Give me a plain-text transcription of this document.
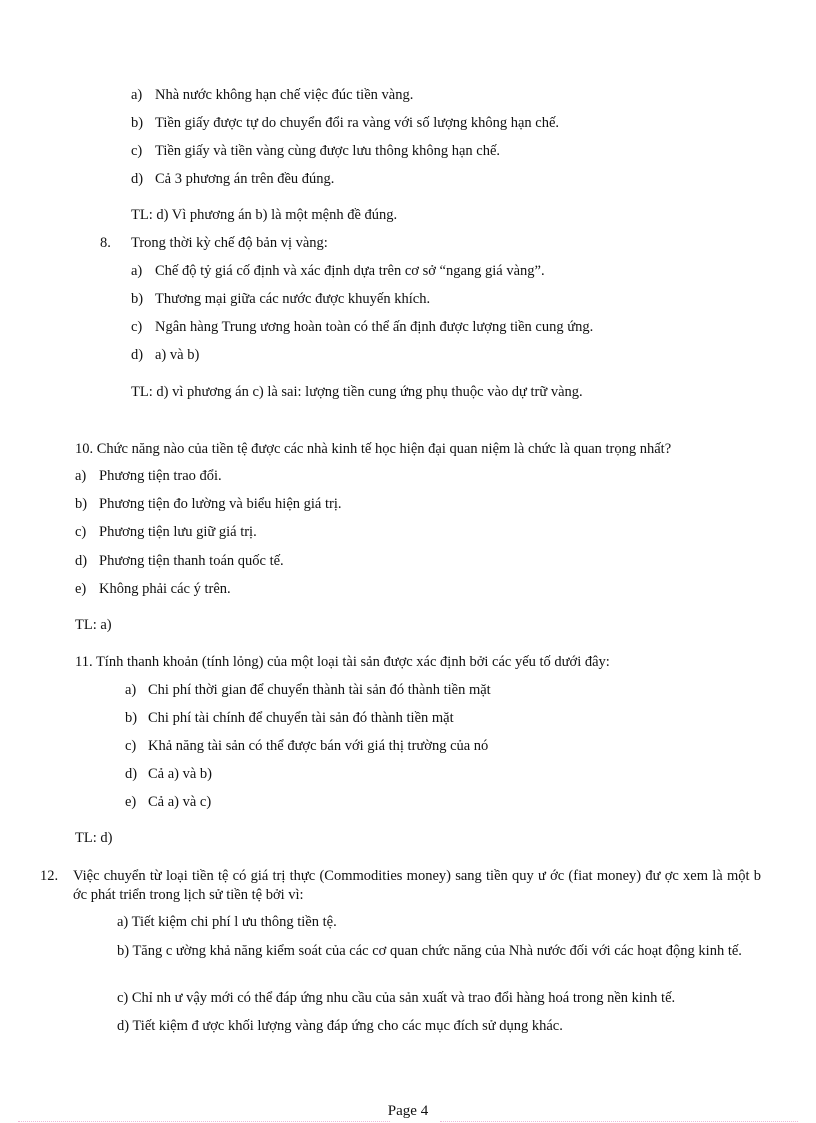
a) Nhà nước không hạn chế việc đúc tiền vàng.
b) Tiền giấy được tự do chuyển đổi ra vàng với số lượng không hạn chế.
c) Tiền giấy và tiền vàng cùng được lưu thông không hạn chế.
d) Cả 3 phương án trên đều đúng.
TL: d) Vì phương án b) là một mệnh đề đúng.
8. Trong thời kỳ chế độ bản vị vàng:
a) Chế độ tỷ giá cố định và xác định dựa trên cơ sở “ngang giá vàng”.
b) Thương mại giữa các nước được khuyến khích.
c) Ngân hàng Trung ương hoàn toàn có thể ấn định được lượng tiền cung ứng.
d) a) và b)
TL: d) vì phương án c) là sai: lượng tiền cung ứng phụ thuộc vào dự trữ vàng.
10. Chức năng nào của tiền tệ được các nhà kinh tế học hiện đại quan niệm là chức là quan trọng nhất?
a) Phương tiện trao đổi.
b) Phương tiện đo lường và biểu hiện giá trị.
c) Phương tiện lưu giữ giá trị.
d) Phương tiện thanh toán quốc tế.
e) Không phải các ý trên.
TL: a)
11. Tính thanh khoản (tính lỏng) của một loại tài sản được xác định bởi các yếu tố dưới đây:
a) Chi phí thời gian để chuyển thành tài sản đó thành tiền mặt
b) Chi phí tài chính để chuyển tài sản đó thành tiền mặt
c) Khả năng tài sản có thể được bán với giá thị trường của nó
d) Cả a) và b)
e) Cả a) và c)
TL: d)
12. Việc chuyển từ loại tiền tệ có giá trị thực (Commodities money) sang tiền quy ư ớc (fiat money) đư ợc xem là một b ớc phát triển trong lịch sử tiền tệ bởi vì:
a) Tiết kiệm chi phí l ưu thông tiền tệ.
b) Tăng c ường khả năng kiểm soát của các cơ quan chức năng của Nhà nước đối với các hoạt động kinh tế.
c) Chỉ nh ư vậy mới có thể đáp ứng nhu cầu của sản xuất và trao đổi hàng hoá trong nền kinh tế.
d) Tiết kiệm đ ược khối lượng vàng đáp ứng cho các mục đích sử dụng khác.
Page 4
